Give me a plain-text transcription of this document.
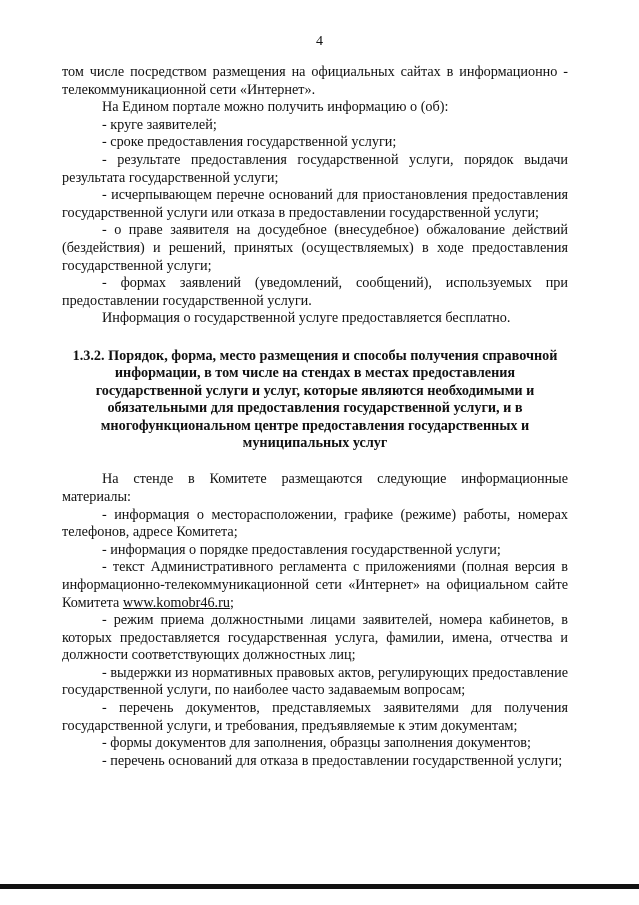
4

том числе посредством размещения на официальных сайтах в информационно - телекоммуникационной сети «Интернет».

На Едином портале можно получить информацию о (об):

- круге заявителей;

- сроке предоставления государственной услуги;

- результате предоставления государственной услуги, порядок выдачи результата государственной услуги;

- исчерпывающем перечне оснований для приостановления предоставления государственной услуги или отказа в предоставлении государственной услуги;

- о праве заявителя на досудебное (внесудебное) обжалование действий (бездействия) и решений, принятых (осуществляемых) в ходе предоставления государственной услуги;

- формах заявлений (уведомлений, сообщений), используемых при предоставлении государственной услуги.

Информация о государственной услуге предоставляется бесплатно.

1.3.2. Порядок, форма, место размещения и способы получения справочной информации, в том числе на стендах в местах предоставления государственной услуги и услуг, которые являются необходимыми и обязательными для предоставления государственной услуги, и в многофункциональном центре предоставления государственных и муниципальных услуг

На стенде в Комитете размещаются следующие информационные материалы:

- информация о месторасположении, графике (режиме) работы, номерах телефонов, адресе Комитета;

- информация о порядке предоставления государственной услуги;

- текст Административного регламента с приложениями (полная версия в информационно-телекоммуникационной сети «Интернет» на официальном сайте Комитета www.komobr46.ru;

- режим приема должностными лицами заявителей, номера кабинетов, в которых предоставляется государственная услуга, фамилии, имена, отчества и должности соответствующих должностных лиц;

- выдержки из нормативных правовых актов, регулирующих предоставление государственной услуги, по наиболее часто задаваемым вопросам;

- перечень документов, представляемых заявителями для получения государственной услуги, и требования, предъявляемые к этим документам;

- формы документов для заполнения, образцы заполнения документов;

- перечень оснований для отказа в предоставлении государственной услуги;
